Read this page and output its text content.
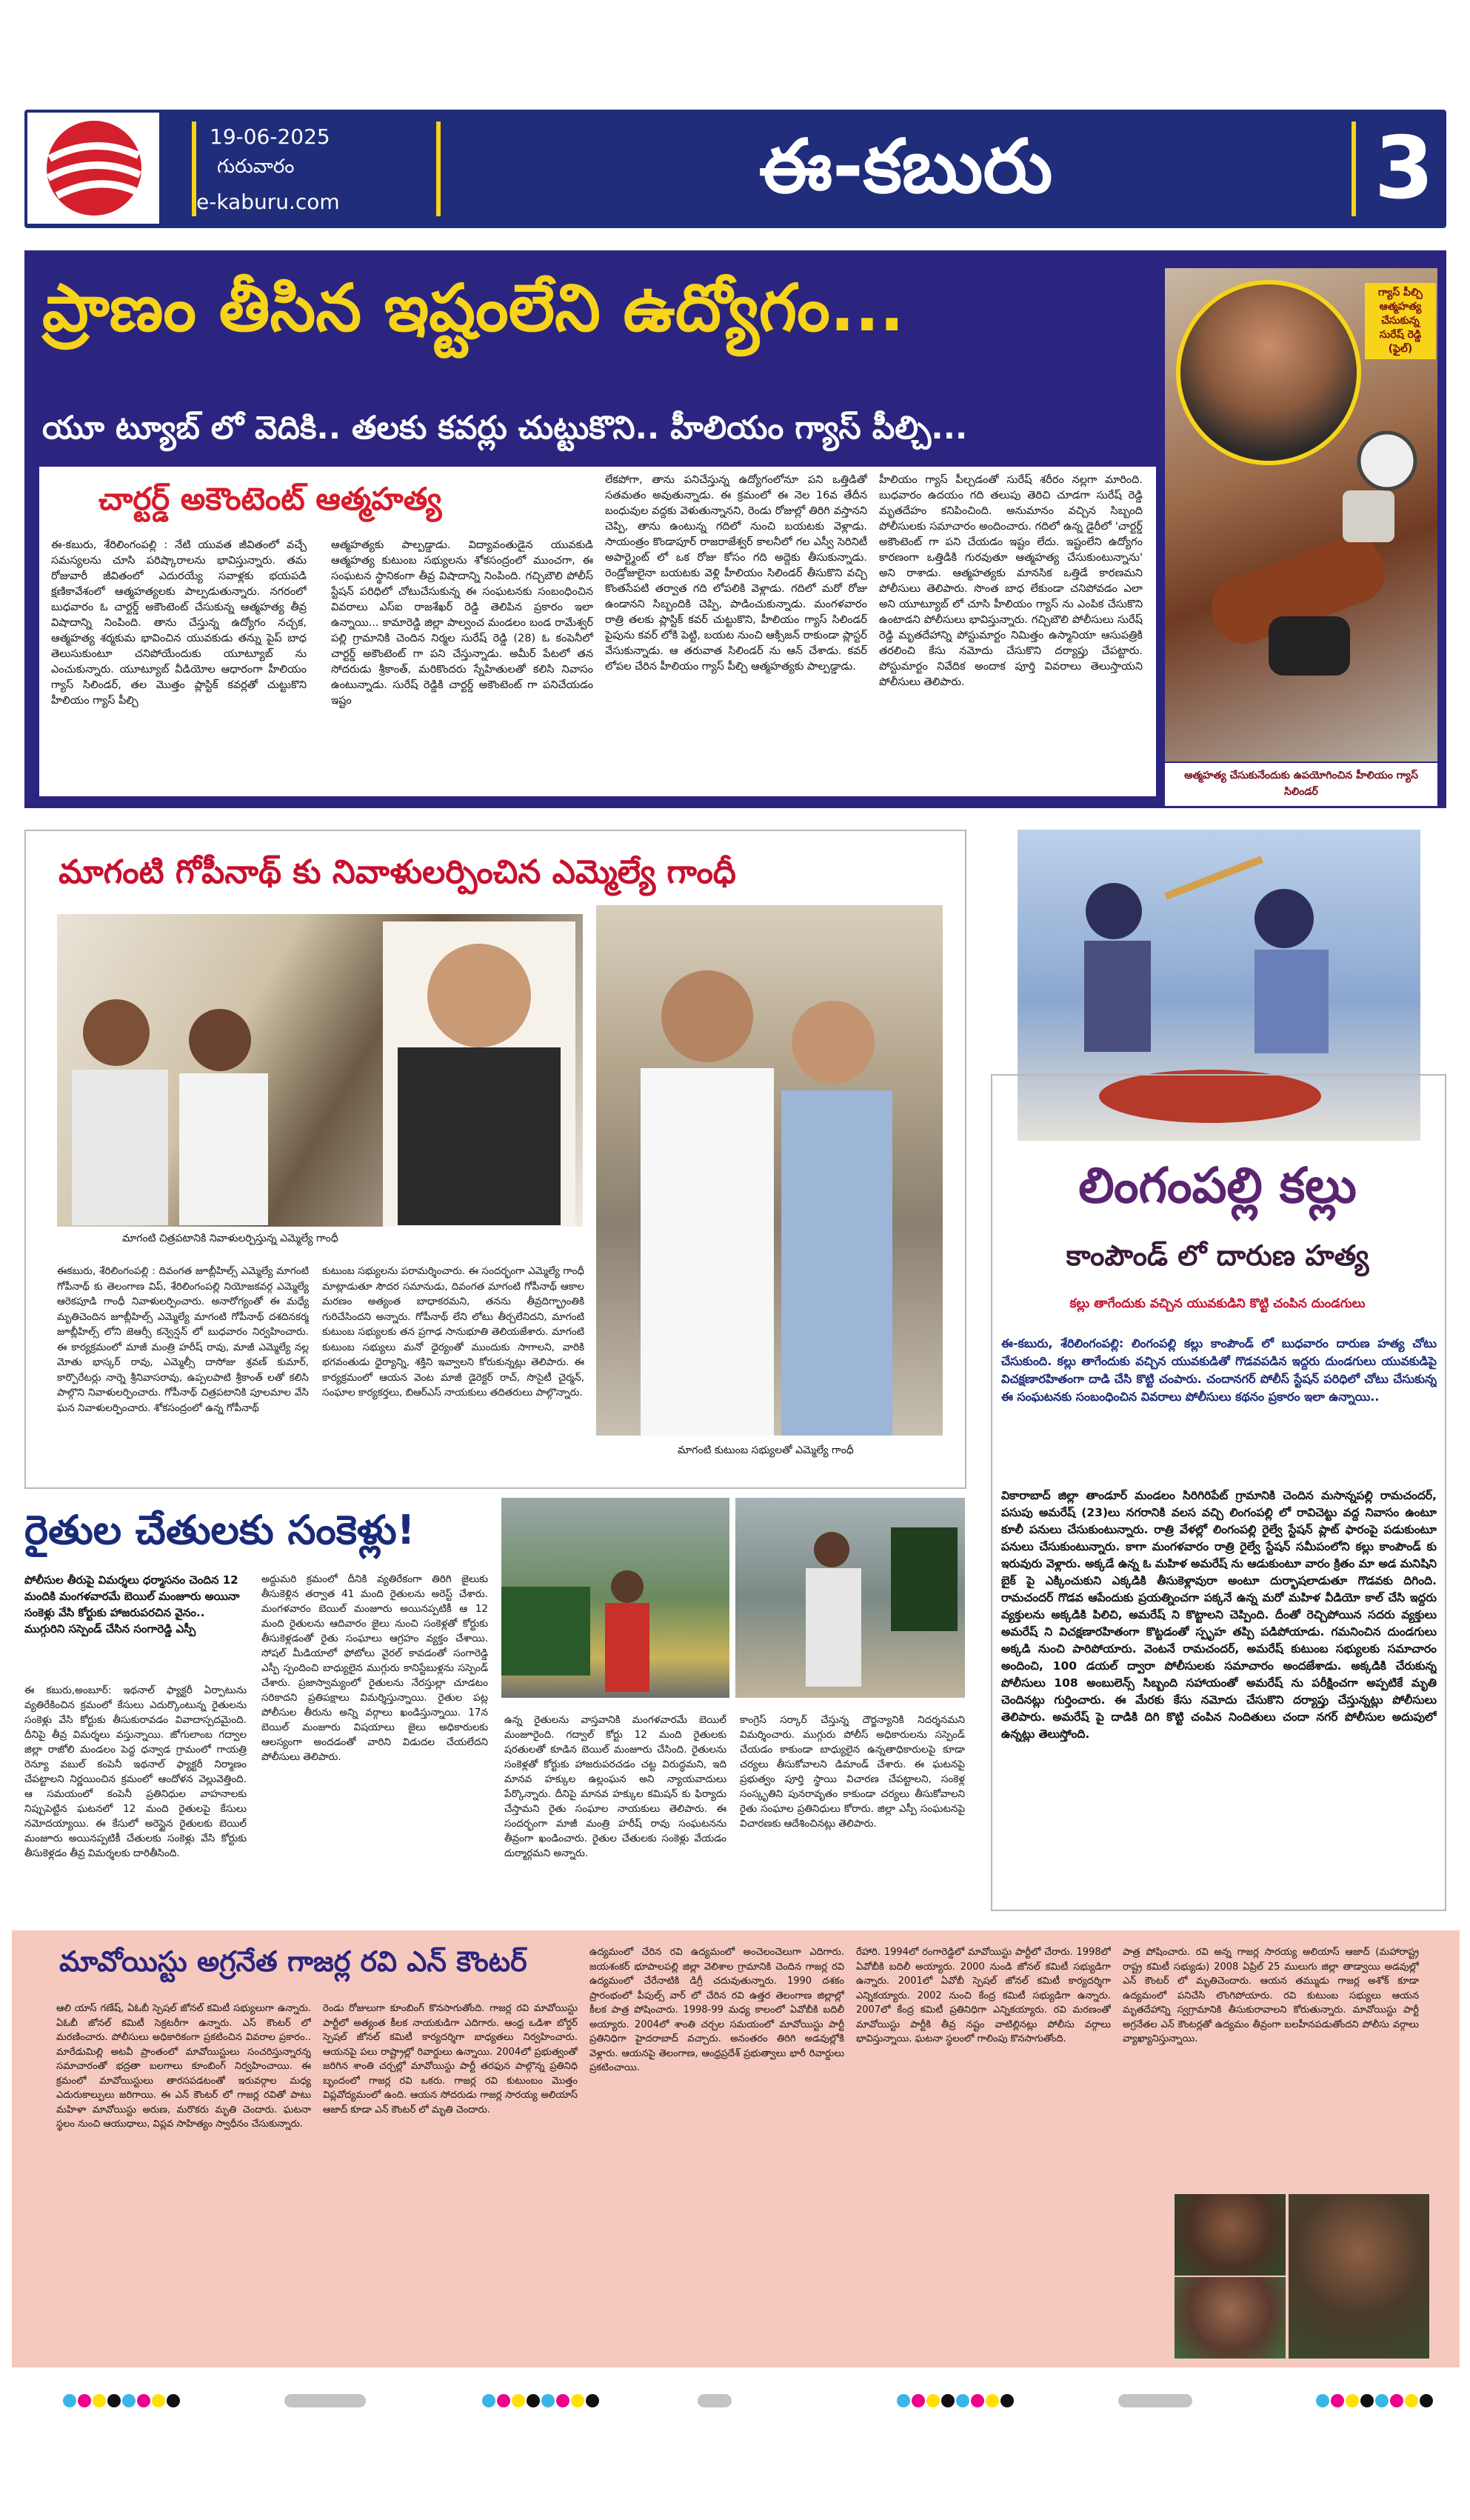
19-06-2025
గురువారం
e-kaburu.com	ఈ-కబురు	3
ప్రాణం తీసిన ఇష్టంలేని ఉద్యోగం...
యూ ట్యూబ్ లో వెదికి.. తలకు కవర్లు చుట్టుకొని.. హీలియం గ్యాస్ పీల్చి...
చార్టర్డ్ అకౌంటెంట్ ఆత్మహత్య
ఈ-కబురు, శేరిలింగంపల్లి : నేటి యువత జీవితంలో వచ్చే సమస్యలను చూసి పరిష్కారాలను భావిస్తున్నారు. తమ రోజువారీ జీవితంలో ఎదురయ్యే సవాళ్లకు భయపడి క్షణికావేశంలో ఆత్మహత్యలకు పాల్పడుతున్నారు. నగరంలో బుధవారం ఓ చార్టర్డ్ అకౌంటెంట్ చేసుకున్న ఆత్మహత్య తీవ్ర విషాదాన్ని నింపింది. తాను చేస్తున్న ఉద్యోగం నచ్చక, ఆత్మహత్య శర్మకుమ భావించిన యువకుడు తన్ను పైప్ బాధ తెలుసుకుంటూ చనిపోయేందుకు యూట్యూబ్ ను ఎంచుకున్నారు. యూట్యూబ్ వీడియోల ఆధారంగా హీలియం గ్యాస్ సిలిండర్, తల మొత్తం ప్లాస్టిక్ కవర్లతో చుట్టుకొని హీలియం గ్యాస్ పీల్చి
ఆత్మహత్యకు పాల్పడ్డాడు. విద్యావంతుడైన యువకుడి ఆత్మహత్య కుటుంబ సభ్యులను శోకసంద్రంలో ముంచగా, ఈ సంఘటన స్థానికంగా తీవ్ర విషాదాన్ని నింపింది. గచ్చిబౌలి పోలీస్ స్టేషన్ పరిధిలో చోటుచేసుకున్న ఈ సంఘటనకు సంబంధించిన వివరాలు ఎస్ఐ రాజశేఖర్ రెడ్డి తెలిపిన ప్రకారం ఇలా ఉన్నాయి... కామారెడ్డి జిల్లా పాల్వంచ మండలం బండ రామేశ్వర్ పల్లి గ్రామానికి చెందిన నిర్మల సురేష్ రెడ్డి (28) ఓ కంపెనీలో చార్టర్డ్ అకౌంటెంట్ గా పని చేస్తున్నాడు. అమీర్ పేటలో తన సోదరుడు శ్రీకాంత్, మరికొందరు స్నేహితులతో కలిసి నివాసం ఉంటున్నాడు. సురేష్ రెడ్డికి చార్టర్డ్ అకౌంటెంట్ గా పనిచేయడం ఇష్టం
లేకపోగా, తాను పనిచేస్తున్న ఉద్యోగంలోనూ పని ఒత్తిడితో సతమతం అవుతున్నాడు. ఈ క్రమంలో ఈ నెల 16వ తేదీన బంధువుల వద్దకు వెళుతున్నానని, రెండు రోజుల్లో తిరిగి వస్తానని చెప్పి, తాను ఉంటున్న గదిలో నుంచి బయటకు వెళ్లాడు. సాయంత్రం కొండాపూర్ రాజరాజేశ్వర్ కాలనీలో గల ఎస్వీ సెరినిటీ అపార్ట్మెంట్ లో ఒక రోజు కోసం గది అద్దెకు తీసుకున్నాడు. రెండ్రోజులైనా బయటకు వెళ్లి హీలియం సిలిండర్ తీసుకొని వచ్చి కొంతసేపటి తర్వాత గది లోపలికి వెళ్లాడు. గదిలో మరో రోజు ఉండానని సిబ్బందికి చెప్పి, పాడించుకున్నాడు. మంగళవారం రాత్రి తలకు ప్లాస్టిక్ కవర్ చుట్టుకొని, హీలియం గ్యాస్ సిలిండర్ పైపును కవర్ లోకి పెట్టి, బయట నుంచి ఆక్సిజన్ రాకుండా ప్లాస్టర్ వేసుకున్నాడు. ఆ తరువాత సిలిండర్ ను ఆన్ చేశాడు. కవర్ లోపల చేరిన హీలియం గ్యాస్ పీల్చి ఆత్మహత్యకు పాల్పడ్డాడు.
హీలియం గ్యాస్ పీల్చడంతో సురేష్ శరీరం నల్లగా మారింది. బుధవారం ఉదయం గది తలుపు తెరిచి చూడగా సురేష్ రెడ్డి మృతదేహం కనిపించింది. అనుమానం వచ్చిన సిబ్బంది పోలీసులకు సమాచారం అందించారు. గదిలో ఉన్న డైరీలో 'చార్టర్డ్ అకౌంటెంట్ గా పని చేయడం ఇష్టం లేదు. ఇష్టంలేని ఉద్యోగం కారణంగా ఒత్తిడికి గురవుతూ ఆత్మహత్య చేసుకుంటున్నాను' అని రాశాడు. ఆత్మహత్యకు మానసిక ఒత్తిడే కారణమని పోలీసులు తెలిపారు. సొంత బాధ లేకుండా చనిపోవడం ఎలా అని యూట్యూబ్ లో చూసి హీలియం గ్యాస్ ను ఎంపిక చేసుకొని ఉంటాడని పోలీసులు భావిస్తున్నారు. గచ్చిబౌలి పోలీసులు సురేష్ రెడ్డి మృతదేహాన్ని పోస్టుమార్టం నిమిత్తం ఉస్మానియా ఆసుపత్రికి తరలించి కేసు నమోదు చేసుకొని దర్యాప్తు చేపట్టారు. పోస్టుమార్టం నివేదిక అందాక పూర్తి వివరాలు తెలుస్తాయని పోలీసులు తెలిపారు.
గ్యాస్ పీల్చి ఆత్మహత్య చేసుకున్న సురేష్ రెడ్డి (ఫైల్)
ఆత్మహత్య చేసుకునేందుకు ఉపయోగించిన హీలియం గ్యాస్ సిలిండర్
మాగంటి గోపీనాథ్ కు నివాళులర్పించిన ఎమ్మెల్యే గాంధీ
మాగంటి చిత్రపటానికి నివాళులర్పిస్తున్న ఎమ్మెల్యే గాంధీ
మాగంటి కుటుంబ సభ్యులతో ఎమ్మెల్యే గాంధీ
ఈకబురు, శేరిలింగంపల్లి : దివంగత జూబ్లీహిల్స్ ఎమ్మెల్యే మాగంటి గోపీనాథ్ కు తెలంగాణ విప్, శేరిలింగంపల్లి నియోజకవర్గ ఎమ్మెల్యే ఆరెకపూడి గాంధీ నివాళులర్పించారు. అనారోగ్యంతో ఈ మధ్యే మృతిచెందిన జూబ్లీహిల్స్ ఎమ్మెల్యే మాగంటి గోపీనాథ్ దశదినకర్మ జూబ్లీహిల్స్ లోని జెఆర్సీ కన్వెన్షన్ లో బుధవారం నిర్వహించారు. ఈ కార్యక్రమంలో మాజీ మంత్రి హరీష్ రావు, మాజీ ఎమ్మెల్యే నల్ల మోతు భాస్కర్ రావు, ఎమ్మెల్సీ దాసోజు శ్రవణ్ కుమార్, కార్పొరేటర్లు నార్నె శ్రీనివాసరావు, ఉప్పలపాటి శ్రీకాంత్ లతో కలిసి పాల్గొని నివాళులర్పించారు. గోపీనాథ్ చిత్రపటానికి పూలమాల వేసి ఘన నివాళులర్పించారు. శోకసంద్రంలో ఉన్న గోపీనాథ్
కుటుంబ సభ్యులను పరామర్శించారు. ఈ సందర్భంగా ఎమ్మెల్యే గాంధీ మాట్లాడుతూ సౌదర సమానుడు, దివంగత మాగంటి గోపీనాథ్ ఆకాల మరణం అత్యంత బాధాకరమని, తనను తీవ్రదిగ్భ్రాంతికి గురిచేసిందని అన్నారు. గోపీనాథ్ లేని లోటు తీర్చలేనిదని, మాగంటి కుటుంబ సభ్యులకు తన ప్రగాఢ సానుభూతి తెలియజేశారు. మాగంటి కుటుంబ సభ్యులు మనో ధైర్యంతో ముందుకు సాగాలని, వారికి భగవంతుడు ధైర్యాన్ని, శక్తిని ఇవ్వాలని కోరుకున్నట్లు తెలిపారు. ఈ కార్యక్రమంలో ఆయన వెంట మాజీ డైరెక్టర్ రాచ్, సొసైటీ చైర్మన్, సంఘాల కార్యకర్తలు, బిఆర్ఎస్ నాయకులు తదితరులు పాల్గొన్నారు.
లింగంపల్లి కల్లు
కాంపౌండ్ లో దారుణ హత్య
కల్లు తాగేందుకు వచ్చిన యువకుడిని కొట్టి చంపిన దుండగులు
ఈ-కబురు, శేరిలింగంపల్లి: లింగంపల్లి కల్లు కాంపౌండ్ లో బుధవారం దారుణ హత్య చోటు చేసుకుంది. కల్లు తాగేందుకు వచ్చిన యువకుడితో గొడవపడిన ఇద్దరు దుండగులు యువకుడిపై విచక్షణారహితంగా దాడి చేసి కొట్టి చంపారు. చందానగర్ పోలీస్ స్టేషన్ పరిధిలో చోటు చేసుకున్న ఈ సంఘటనకు సంబంధించిన వివరాలు పోలీసులు కథనం ప్రకారం ఇలా ఉన్నాయి..
వికారాబాద్ జిల్లా తాండూర్ మండలం సిరిగిరిపేట్ గ్రామానికి చెందిన మసాన్నపల్లి రామచందర్, పసుపు అమరేష్ (23)లు నగరానికి వలస వచ్చి లింగంపల్లి లో రావిచెట్టు వద్ద నివాసం ఉంటూ కూలీ పనులు చేసుకుంటున్నారు. రాత్రి వేళల్లో లింగంపల్లి రైల్వే స్టేషన్ ప్లాట్ ఫారంపై పడుకుంటూ పనులు చేసుకుంటున్నారు. కాగా మంగళవారం రాత్రి రైల్వే స్టేషన్ సమీపంలోని కల్లు కాంపౌండ్ కు ఇరువురు వెళ్లారు. అక్కడే ఉన్న ఓ మహిళ అమరేష్ ను ఆడుకుంటూ వారం క్రితం మా అడ మనిషిని బైక్ పై ఎక్కించుకుని ఎక్కడికి తీసుకెళ్లావురా అంటూ దుర్భాషలాడుతూ గొడవకు దిగింది. రామచందర్ గొడవ ఆపేందుకు ప్రయత్నించగా పక్కనే ఉన్న మరో మహిళ వీడియో కాల్ చేసి ఇద్దరు వ్యక్తులను అక్కడికి పిలిచి, అమరేష్ ని కొట్టాలని చెప్పింది. దీంతో రెచ్చిపోయిన సదరు వ్యక్తులు అమరేష్ ని విచక్షణారహితంగా కొట్టడంతో స్పృహ తప్పి పడిపోయాడు. గమనించిన దుండగులు అక్కడి నుంచి పారిపోయారు. వెంటనే రామచందర్, అమరేష్ కుటుంబ సభ్యులకు సమాచారం అందించి, 100 డయల్ ద్వారా పోలీసులకు సమాచారం అందజేశాడు. అక్కడికి చేరుకున్న పోలీసులు 108 అంబులెన్స్ సిబ్బంది సహాయంతో అమరేష్ ను పరీక్షించగా అప్పటికే మృతి చెందినట్లు గుర్తించారు. ఈ మేరకు కేసు నమోదు చేసుకొని దర్యాప్తు చేస్తున్నట్లు పోలీసులు తెలిపారు. అమరేష్ పై దాడికి దిగి కొట్టి చంపిన నిందితులు చందా నగర్ పోలీసుల అదుపులో ఉన్నట్లు తెలుస్తోంది.
రైతుల చేతులకు సంకెళ్లు!
పోలీసుల తీరుపై విమర్శలు ధర్మాసనం చెందిన 12 మందికి మంగళవారమే బెయిల్ మంజూరు అయినా సంకెళ్లు వేసి కోర్టుకు హాజరుపరచిన వైనం.. ముగ్గురిని సస్పెండ్ చేసిన సంగారెడ్డి ఎస్పీ
ఈ కబురు,అంబూర్: ఇథనాల్ ఫ్యాక్టరీ ఏర్పాటును వ్యతిరేకించిన క్రమంలో కేసులు ఎదుర్కొంటున్న రైతులను సంకెళ్లు వేసి కోర్టుకు తీసుకురావడం వివాదాస్పదమైంది. దీనిపై తీవ్ర విమర్శలు వస్తున్నాయి. జోగులాంబ గద్వాల జిల్లా రాజోలి మండలం పెద్ద ధన్వాడ గ్రామంలో గాయత్రి రెన్యూ వబుల్ కంపెనీ ఇథనాల్ ఫ్యాక్టరీ నిర్మాణం చేపట్టాలని నిర్ణయించిన క్రమంలో ఆందోళన వెల్లువెత్తింది. ఆ సమయంలో కంపెనీ ప్రతినిధుల వాహనాలకు నిప్పుపెట్టిన ఘటనలో 12 మంది రైతులపై కేసులు నమోదయ్యాయి. ఈ కేసులో అరెస్టైన రైతులకు బెయిల్ మంజూరు అయినప్పటికీ చేతులకు సంకెళ్లు వేసి కోర్టుకు తీసుకెళ్లడం తీవ్ర విమర్శలకు దారితీసింది.
అద్దుమరి క్రమంలో దీనికి వ్యతిరేకంగా తిరిగి జైలుకు తీసుకెళ్లిన తర్వాత 41 మంది రైతులను అరెస్ట్ చేశారు. మంగళవారం బెయిల్ మంజూరు అయినప్పటికీ ఆ 12 మంది రైతులను ఆదివారం జైలు నుంచి సంకెళ్లతో కోర్టుకు తీసుకెళ్లడంతో రైతు సంఘాలు ఆగ్రహం వ్యక్తం చేశాయి. సోషల్ మీడియాలో ఫోటోలు వైరల్ కావడంతో సంగారెడ్డి ఎస్పీ స్పందించి బాధ్యులైన ముగ్గురు కానిస్టేబుళ్లను సస్పెండ్ చేశారు. ప్రజాస్వామ్యంలో రైతులను నేరస్తుల్లా చూడటం సరికాదని ప్రతిపక్షాలు విమర్శిస్తున్నాయి. రైతుల పట్ల పోలీసుల తీరును అన్ని వర్గాలు ఖండిస్తున్నాయి. 17న బెయిల్ మంజూరు విషయాలు జైలు అధికారులకు ఆలస్యంగా అందడంతో వారిని విడుదల చేయలేదని పోలీసులు తెలిపారు.
ఉన్న రైతులను వాస్తవానికి మంగళవారమే బెయిల్ మంజూరైంది. గద్వాల్ కోర్టు 12 మంది రైతులకు షరతులతో కూడిన బెయిల్ మంజూరు చేసింది. రైతులను సంకెళ్లతో కోర్టుకు హాజరుపరచడం చట్ట విరుద్ధమని, ఇది మానవ హక్కుల ఉల్లంఘన అని న్యాయవాదులు పేర్కొన్నారు. దీనిపై మానవ హక్కుల కమిషన్ కు ఫిర్యాదు చేస్తామని రైతు సంఘాల నాయకులు తెలిపారు. ఈ సందర్భంగా మాజీ మంత్రి హరీష్ రావు సంఘటనను తీవ్రంగా ఖండించారు. రైతుల చేతులకు సంకెళ్లు వేయడం దుర్మార్గమని అన్నారు.
కాంగ్రెస్ సర్కార్ చేస్తున్న దౌర్జన్యానికి నిదర్శనమని విమర్శించారు. ముగ్గురు పోలీస్ అధికారులను సస్పెండ్ చేయడం కాకుండా బాధ్యులైన ఉన్నతాధికారులపై కూడా చర్యలు తీసుకోవాలని డిమాండ్ చేశారు. ఈ ఘటనపై ప్రభుత్వం పూర్తి స్థాయి విచారణ చేపట్టాలని, సంకెళ్ల సంస్కృతిని పునరావృతం కాకుండా చర్యలు తీసుకోవాలని రైతు సంఘాల ప్రతినిధులు కోరారు. జిల్లా ఎస్పీ సంఘటనపై విచారణకు ఆదేశించినట్లు తెలిపారు.
మావోయిస్టు అగ్రనేత గాజర్ల రవి ఎన్ కౌంటర్
ఆలి యాస్ గణేష్, ఏఓబీ స్పెషల్ జోనల్ కమిటీ సభ్యులుగా ఉన్నారు. ఏఓబీ జోనల్ కమిటీ సెక్రటరీగా ఉన్నారు. ఎస్ కౌంటర్ లో మరణించారు. పోలీసులు అధికారికంగా ప్రకటించిన వివరాల ప్రకారం.. మారేడుమిల్లి అటవీ ప్రాంతంలో మావోయిస్టులు సంచరిస్తున్నారన్న సమాచారంతో భద్రతా బలగాలు కూంబింగ్ నిర్వహించాయి. ఈ క్రమంలో మావోయిస్టులు తారసపడటంతో ఇరువర్గాల మధ్య ఎదురుకాల్పులు జరిగాయి. ఈ ఎన్ కౌంటర్ లో గాజర్ల రవితో పాటు మహిళా మావోయిస్టు అరుణ, మరొకరు మృతి చెందారు. ఘటనా స్థలం నుంచి ఆయుధాలు, విప్లవ సాహిత్యం స్వాధీనం చేసుకున్నారు.
రెండు రోజులుగా కూంబింగ్ కొనసాగుతోంది. గాజర్ల రవి మావోయిస్టు పార్టీలో అత్యంత కీలక నాయకుడిగా ఎదిగారు. ఆంధ్ర ఒడిశా బోర్డర్ స్పెషల్ జోనల్ కమిటీ కార్యదర్శిగా బాధ్యతలు నిర్వహించారు. ఆయనపై పలు రాష్ట్రాల్లో రివార్డులు ఉన్నాయి. 2004లో ప్రభుత్వంతో జరిగిన శాంతి చర్చల్లో మావోయిస్టు పార్టీ తరఫున పాల్గొన్న ప్రతినిధి బృందంలో గాజర్ల రవి ఒకరు. గాజర్ల రవి కుటుంబం మొత్తం విప్లవోద్యమంలో ఉంది. ఆయన సోదరుడు గాజర్ల సారయ్య అలియాస్ ఆజాద్ కూడా ఎన్ కౌంటర్ లో మృతి చెందారు.
ఉద్యమంలో చేరిన రవి ఉద్యమంలో అంచెలంచెలుగా ఎదిగారు. జయశంకర్ భూపాలపల్లి జిల్లా వెలిశాల గ్రామానికి చెందిన గాజర్ల రవి ఉద్యమంలో చేరేనాటికి డిగ్రీ చదువుతున్నారు. 1990 దశకం ప్రారంభంలో పీపుల్స్ వార్ లో చేరిన రవి ఉత్తర తెలంగాణ జిల్లాల్లో కీలక పాత్ర పోషించారు. 1998-99 మధ్య కాలంలో ఏవోబీకి బదిలీ అయ్యారు. 2004లో శాంతి చర్చల సమయంలో మావోయిస్టు పార్టీ ప్రతినిధిగా హైదరాబాద్ వచ్చారు. అనంతరం తిరిగి అడవుల్లోకి వెళ్లారు. ఆయనపై తెలంగాణ, ఆంధ్రప్రదేశ్ ప్రభుత్వాలు భారీ రివార్డులు ప్రకటించాయి.
రేహారి. 1994లో రంగారెడ్డిలో మావోయిస్టు పార్టీలో చేరారు. 1998లో ఏవోబీకి బదిలీ అయ్యారు. 2000 నుండి జోనల్ కమిటీ సభ్యుడిగా ఉన్నారు. 2001లో ఏవోబీ స్పెషల్ జోనల్ కమిటీ కార్యదర్శిగా ఎన్నికయ్యారు. 2002 నుంచి కేంద్ర కమిటీ సభ్యుడిగా ఉన్నారు. 2007లో కేంద్ర కమిటీ ప్రతినిధిగా ఎన్నికయ్యారు. రవి మరణంతో మావోయిస్టు పార్టీకి తీవ్ర నష్టం వాటిల్లినట్లు పోలీసు వర్గాలు భావిస్తున్నాయి. ఘటనా స్థలంలో గాలింపు కొనసాగుతోంది.
పాత్ర పోషించారు. రవి అన్న గాజర్ల సారయ్య అలియాస్ ఆజాద్ (మహారాష్ట్ర రాష్ట్ర కమిటీ సభ్యుడు) 2008 ఏప్రిల్ 25 ములుగు జిల్లా తాడ్వాయి అడవుల్లో ఎన్ కౌంటర్ లో మృతిచెందారు. ఆయన తమ్ముడు గాజర్ల అశోక్ కూడా ఉద్యమంలో పనిచేసి లొంగిపోయారు. రవి కుటుంబ సభ్యులు ఆయన మృతదేహాన్ని స్వగ్రామానికి తీసుకురావాలని కోరుతున్నారు. మావోయిస్టు పార్టీ అగ్రనేతల ఎన్ కౌంటర్లతో ఉద్యమం తీవ్రంగా బలహీనపడుతోందని పోలీసు వర్గాలు వ్యాఖ్యానిస్తున్నాయి.
